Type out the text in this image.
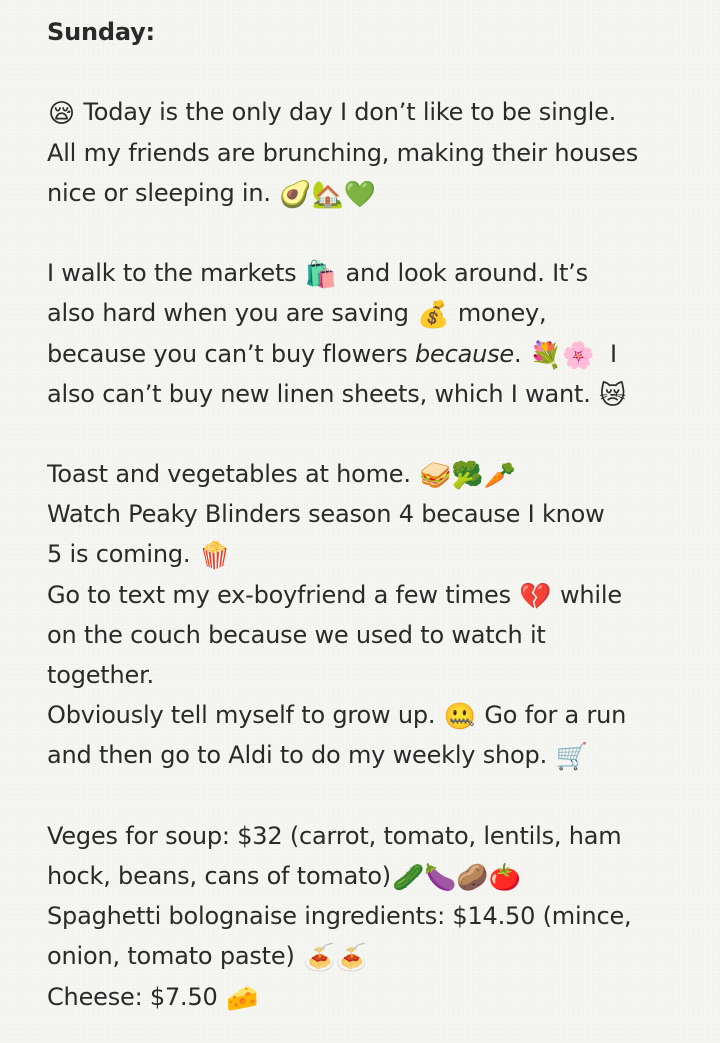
Sunday:
😪 Today is the only day I don’t like to be single.
All my friends are brunching, making their houses
nice or sleeping in. 🥑🏡💚
I walk to the markets 🛍️ and look around. It’s
also hard when you are saving 💰 money,
because you can’t buy flowers because. 💐🌸  I
also can’t buy new linen sheets, which I want. 😿
Toast and vegetables at home. 🥪🥦🥕
Watch Peaky Blinders season 4 because I know
5 is coming. 🍿
Go to text my ex-boyfriend a few times 💔 while
on the couch because we used to watch it
together.
Obviously tell myself to grow up. 🤐 Go for a run
and then go to Aldi to do my weekly shop. 🛒
Veges for soup: $32 (carrot, tomato, lentils, ham
hock, beans, cans of tomato)🥒🍆🥔🍅
Spaghetti bolognaise ingredients: $14.50 (mince,
onion, tomato paste) 🍝🍝
Cheese: $7.50 🧀
